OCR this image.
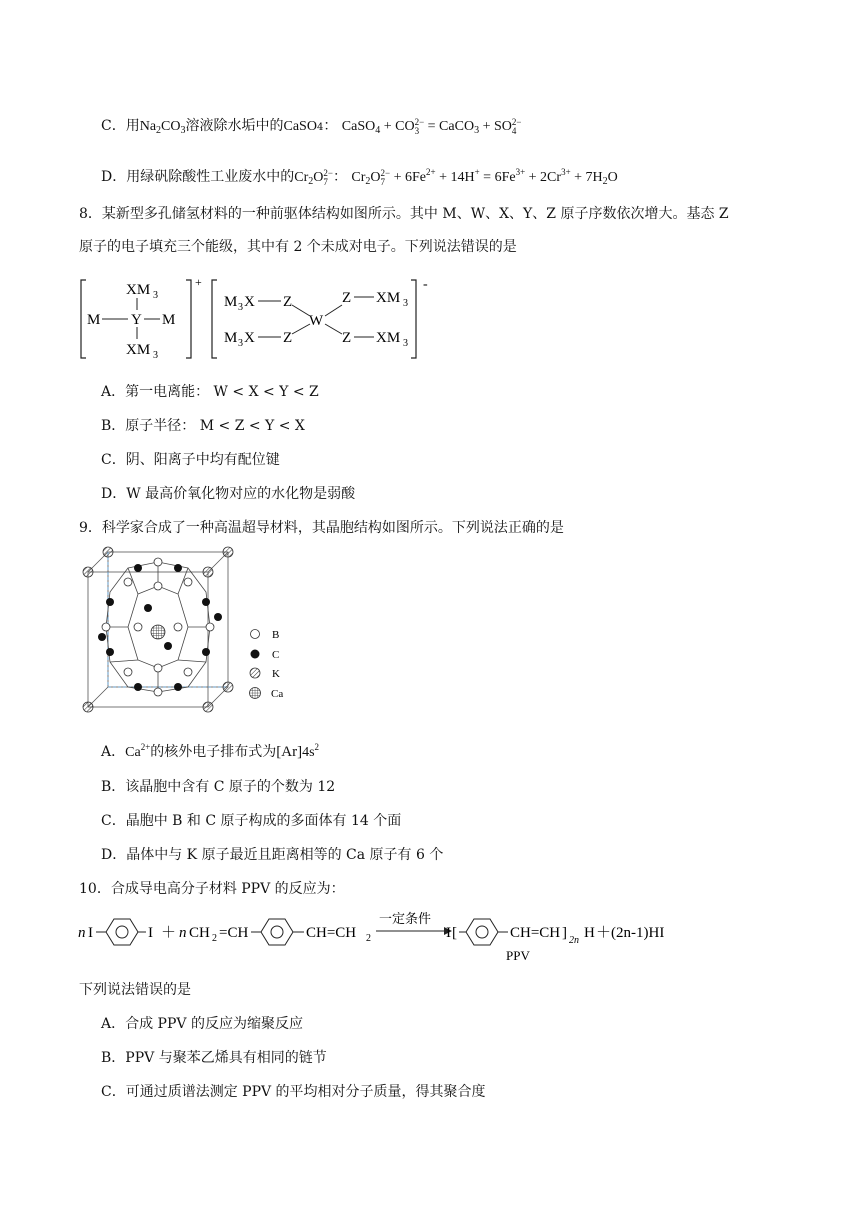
C．用$Na_2CO_3$溶液除水垢中的CaSO4： CaSO$_4$ + CO 2−
3 = CaCO$_3$ + SO 2−
4
D．用绿矾除酸性工业废水中的$Cr_2O$ 2−
7 ： $Cr_2O$ 2−
$7 + 6Fe^{2+} + 14H^+ = 6Fe^{3+} + 2Cr^{3+} + 7H_2O$
8．某新型多孔储氢材料的一种前驱体结构如图所示。其中 M、W、X、Y、Z 原子序数依次增大。基态 Z
原子的电子填充三个能级，其中有 2 个未成对电子。下列说法错误的是
+
XM 3
M Y M
XM 3
-
M 3 X Z
M 3 X Z
W
Z XM 3
Z XM 3
A．第一电离能： W < X < Y < Z
B．原子半径： M < Z < Y < X
C．阴、阳离子中均有配位键
D．W 最高价氧化物对应的水化物是弱酸
9．科学家合成了一种高温超导材料，其晶胞结构如图所示。下列说法正确的是
B
C
K
Ca
A．$Ca^{2+}$的核外电子排布式为$[Ar]4s^2$
B．该晶胞中含有 C 原子的个数为 12
C．晶胞中 B 和 C 原子构成的多面体有 14 个面
D．晶体中与 K 原子最近且距离相等的 Ca 原子有 6 个
10．合成导电高分子材料 PPV 的反应为：
n I	I ＋ n CH 2 =CH	CH=CH 2
一定条件
I [	CH=CH ] 2n H ＋(2n-1)HI
PPV
下列说法错误的是
A．合成 PPV 的反应为缩聚反应
B．PPV 与聚苯乙烯具有相同的链节
C．可通过质谱法测定 PPV 的平均相对分子质量，得其聚合度
